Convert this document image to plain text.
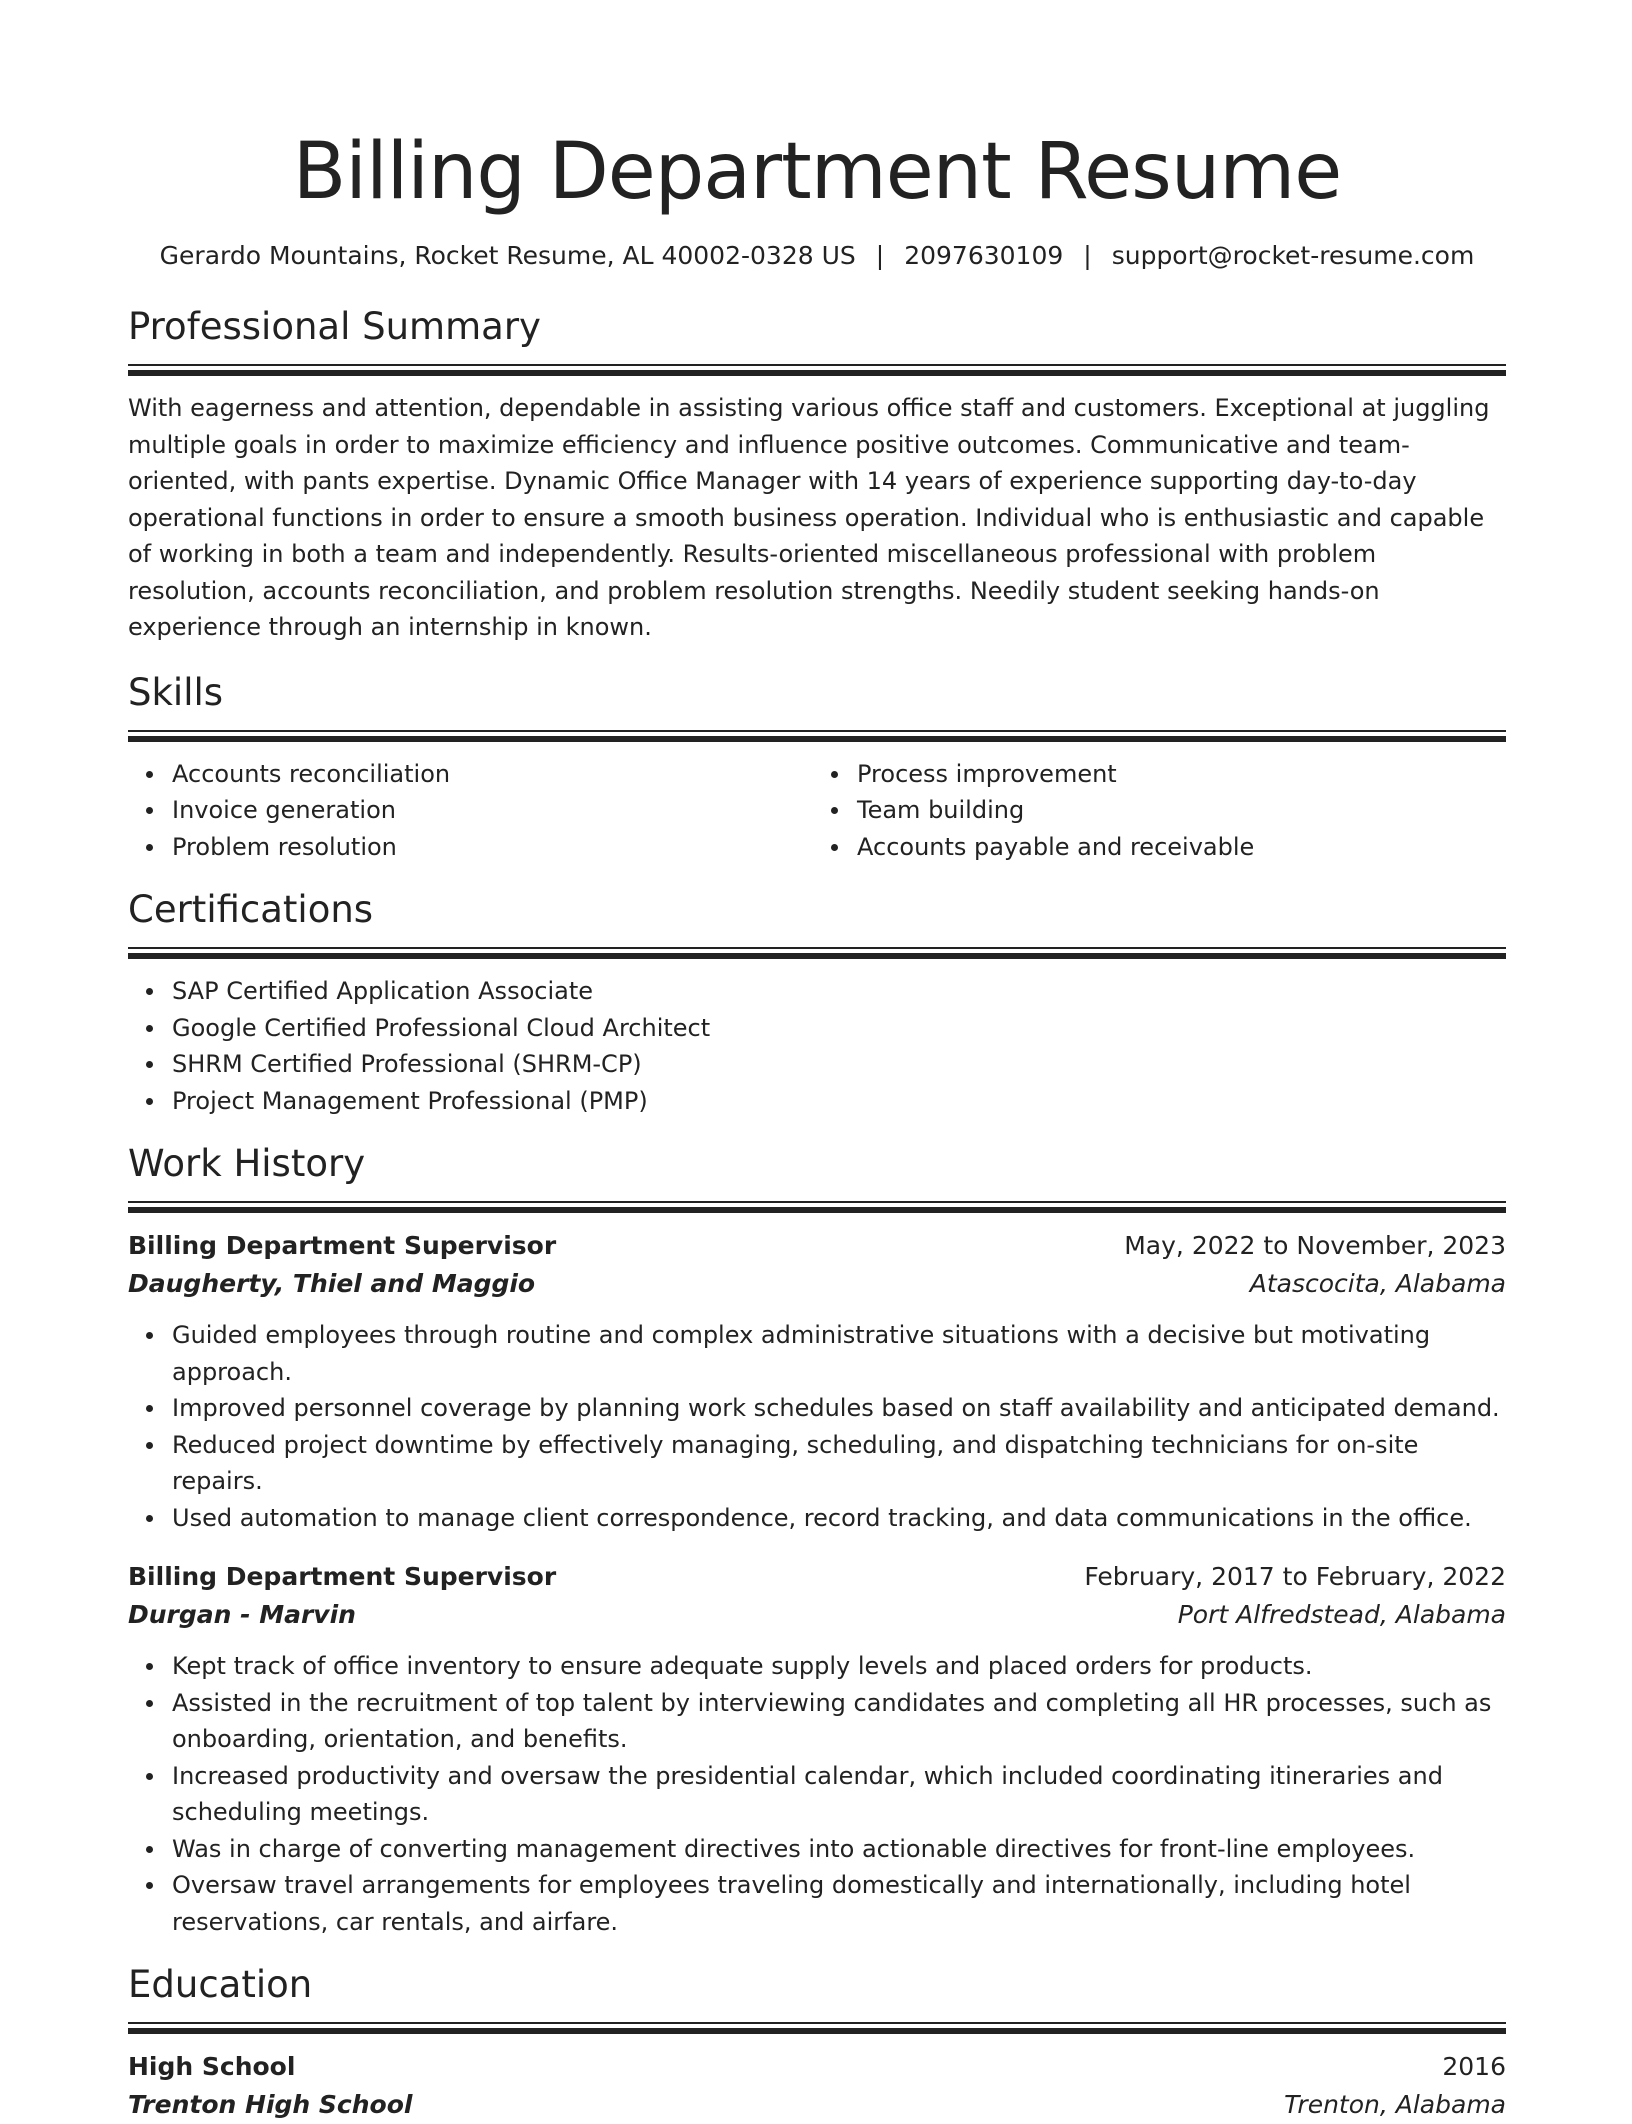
Billing Department Resume
Gerardo Mountains, Rocket Resume, AL 40002-0328 US | 2097630109 | support@rocket-resume.com
Professional Summary

With eagerness and attention, dependable in assisting various office staff and customers. Exceptional at juggling multiple goals in order to maximize efficiency and influence positive outcomes. Communicative and team-oriented, with pants expertise. Dynamic Office Manager with 14 years of experience supporting day-to-day operational functions in order to ensure a smooth business operation. Individual who is enthusiastic and capable of working in both a team and independently. Results-oriented miscellaneous professional with problem resolution, accounts reconciliation, and problem resolution strengths. Needily student seeking hands-on experience through an internship in known.

Skills
Accounts reconciliation
Invoice generation
Problem resolution
Process improvement
Team building
Accounts payable and receivable
Certifications
SAP Certified Application Associate
Google Certified Professional Cloud Architect
SHRM Certified Professional (SHRM-CP)
Project Management Professional (PMP)
Work History
Billing Department Supervisor	May, 2022 to November, 2023
Daugherty, Thiel and Maggio	Atascocita, Alabama
Guided employees through routine and complex administrative situations with a decisive but motivating approach.
Improved personnel coverage by planning work schedules based on staff availability and anticipated demand.
Reduced project downtime by effectively managing, scheduling, and dispatching technicians for on-site repairs.
Used automation to manage client correspondence, record tracking, and data communications in the office.
Billing Department Supervisor	February, 2017 to February, 2022
Durgan - Marvin	Port Alfredstead, Alabama
Kept track of office inventory to ensure adequate supply levels and placed orders for products.
Assisted in the recruitment of top talent by interviewing candidates and completing all HR processes, such as onboarding, orientation, and benefits.
Increased productivity and oversaw the presidential calendar, which included coordinating itineraries and scheduling meetings.
Was in charge of converting management directives into actionable directives for front-line employees.
Oversaw travel arrangements for employees traveling domestically and internationally, including hotel reservations, car rentals, and airfare.
Education
High School	2016
Trenton High School	Trenton, Alabama
